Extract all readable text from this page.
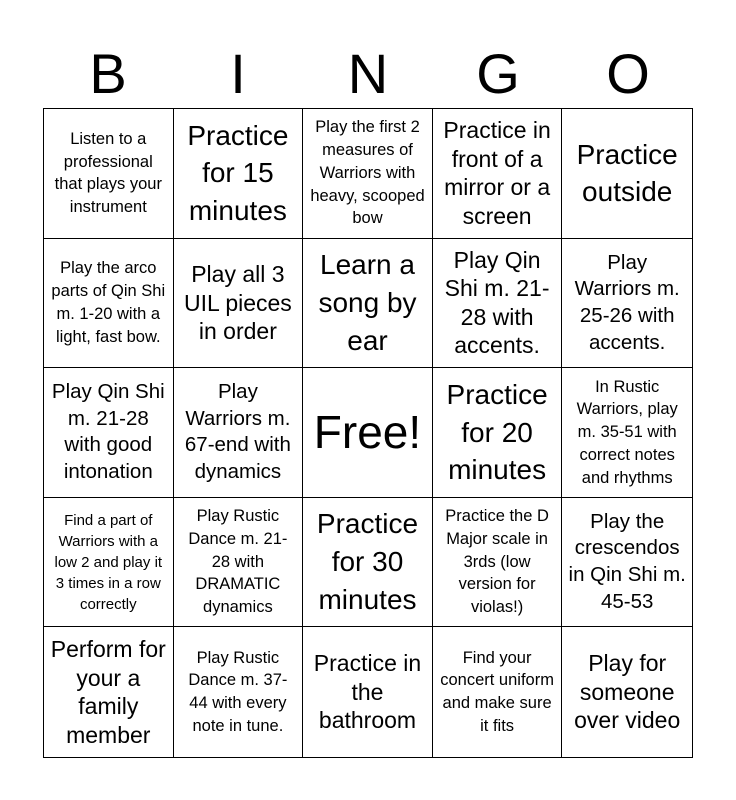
B	I	N	G	O
Listen to a professional that plays your instrument
Practice for 15 minutes
Play the first 2 measures of Warriors with heavy, scooped bow
Practice in front of a mirror or a screen
Practice outside
Play the arco parts of Qin Shi m. 1-20 with a light, fast bow.
Play all 3 UIL pieces in order
Learn a song by ear
Play Qin Shi m. 21-28 with accents.
Play Warriors m. 25-26 with accents.
Play Qin Shi m. 21-28 with good intonation
Play Warriors m. 67-end with dynamics
Free!
Practice for 20 minutes
In Rustic Warriors, play m. 35-51 with correct notes and rhythms
Find a part of Warriors with a low 2 and play it 3 times in a row correctly
Play Rustic Dance m. 21-28 with DRAMATIC dynamics
Practice for 30 minutes
Practice the D Major scale in 3rds (low version for violas!)
Play the crescendos in Qin Shi m. 45-53
Perform for your a family member
Play Rustic Dance m. 37-44 with every note in tune.
Practice in the bathroom
Find your concert uniform and make sure it fits
Play for someone over video
